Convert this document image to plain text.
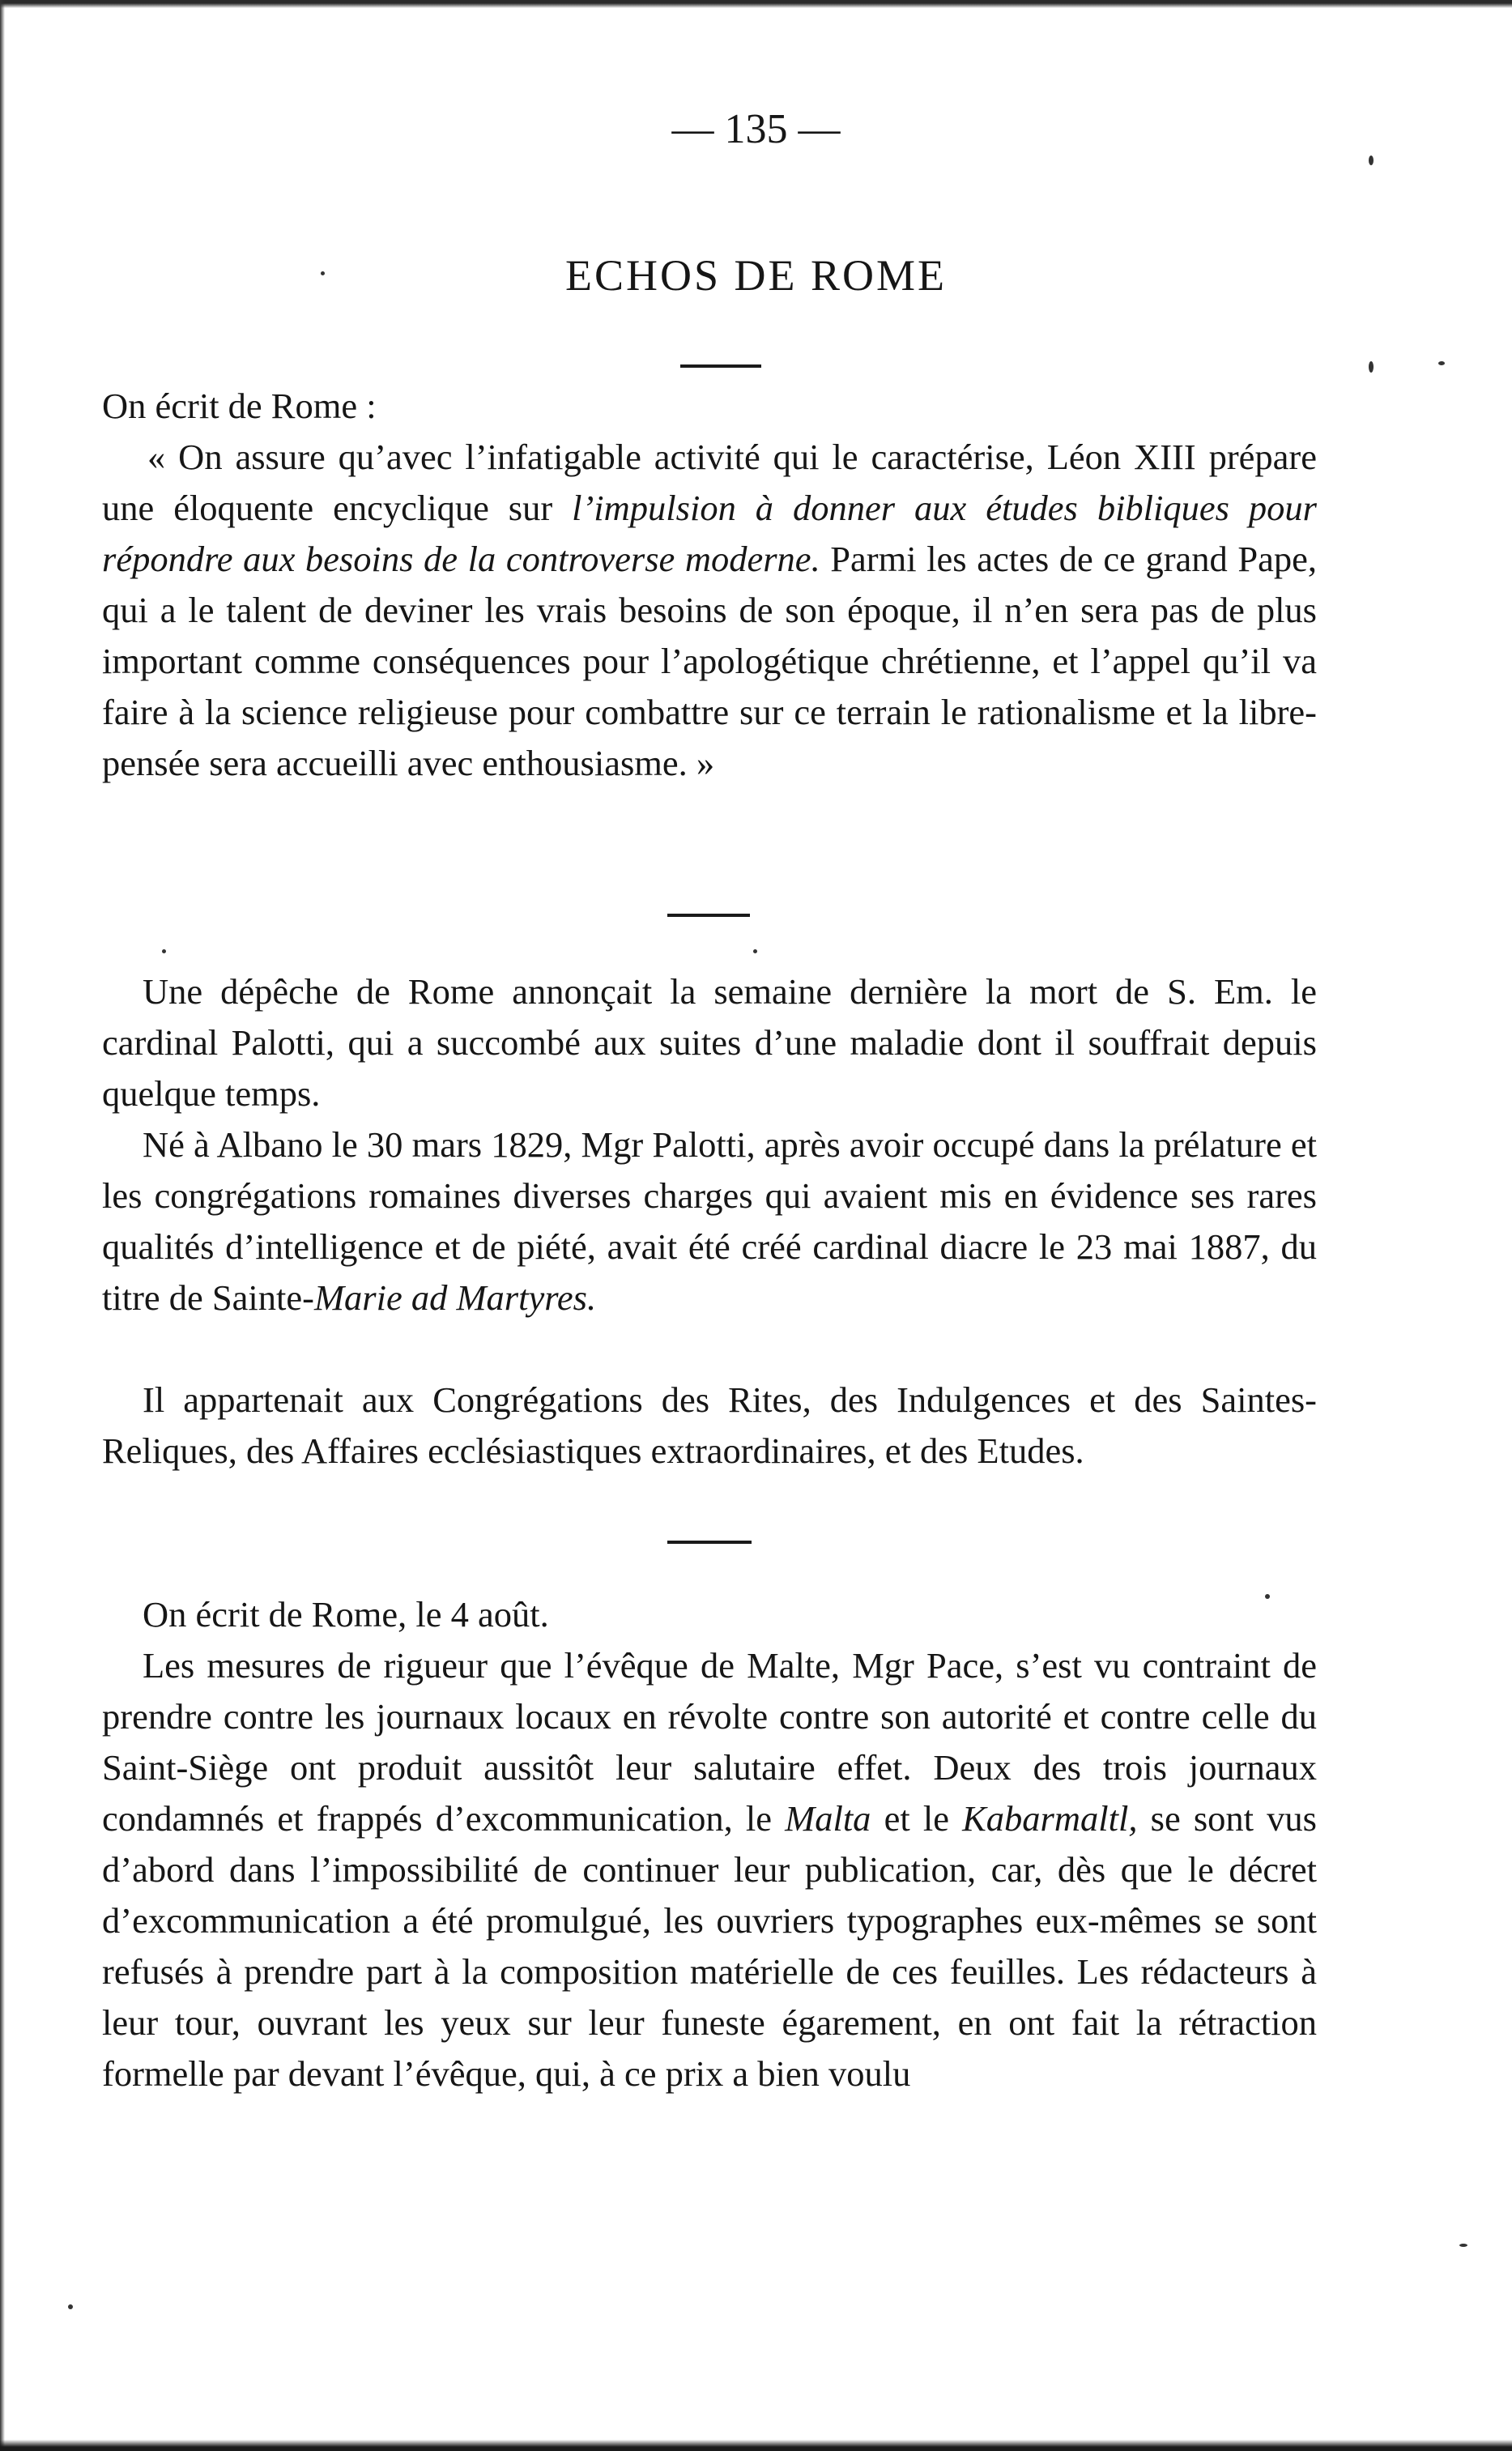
— 135 —
ECHOS DE ROME

On écrit de Rome :

« On assure qu’avec l’infatigable activité qui le caractérise, Léon XIII prépare une éloquente encyclique sur l’impulsion à donner aux études bibliques pour répondre aux besoins de la controverse moderne. Parmi les actes de ce grand Pape, qui a le talent de deviner les vrais besoins de son époque, il n’en sera pas de plus important comme conséquences pour l’apologétique chrétienne, et l’appel qu’il va faire à la science religieuse pour combattre sur ce terrain le rationalisme et la libre-pensée sera accueilli avec enthousiasme. »

Une dépêche de Rome annonçait la semaine dernière la mort de S. Em. le cardinal Palotti, qui a succombé aux suites d’une maladie dont il souffrait depuis quelque temps.

Né à Albano le 30 mars 1829, Mgr Palotti, après avoir occupé dans la prélature et les congrégations romaines diverses charges qui avaient mis en évidence ses rares qualités d’intelligence et de piété, avait été créé cardinal diacre le 23 mai 1887, du titre de Sainte-Marie ad Martyres.

Il appartenait aux Congrégations des Rites, des Indulgences et des Saintes-Reliques, des Affaires ecclésiastiques extraordinaires, et des Etudes.

On écrit de Rome, le 4 août.

Les mesures de rigueur que l’évêque de Malte, Mgr Pace, s’est vu contraint de prendre contre les journaux locaux en révolte contre son autorité et contre celle du Saint-Siège ont produit aussitôt leur salutaire effet. Deux des trois journaux condamnés et frappés d’excommunication, le Malta et le Kabarmaltl, se sont vus d’abord dans l’impossibilité de continuer leur publication, car, dès que le décret d’excommunication a été promulgué, les ouvriers typographes eux-mêmes se sont refusés à prendre part à la composition matérielle de ces feuilles. Les rédacteurs à leur tour, ouvrant les yeux sur leur funeste égarement, en ont fait la rétraction formelle par devant l’évêque, qui, à ce prix a bien voulu
